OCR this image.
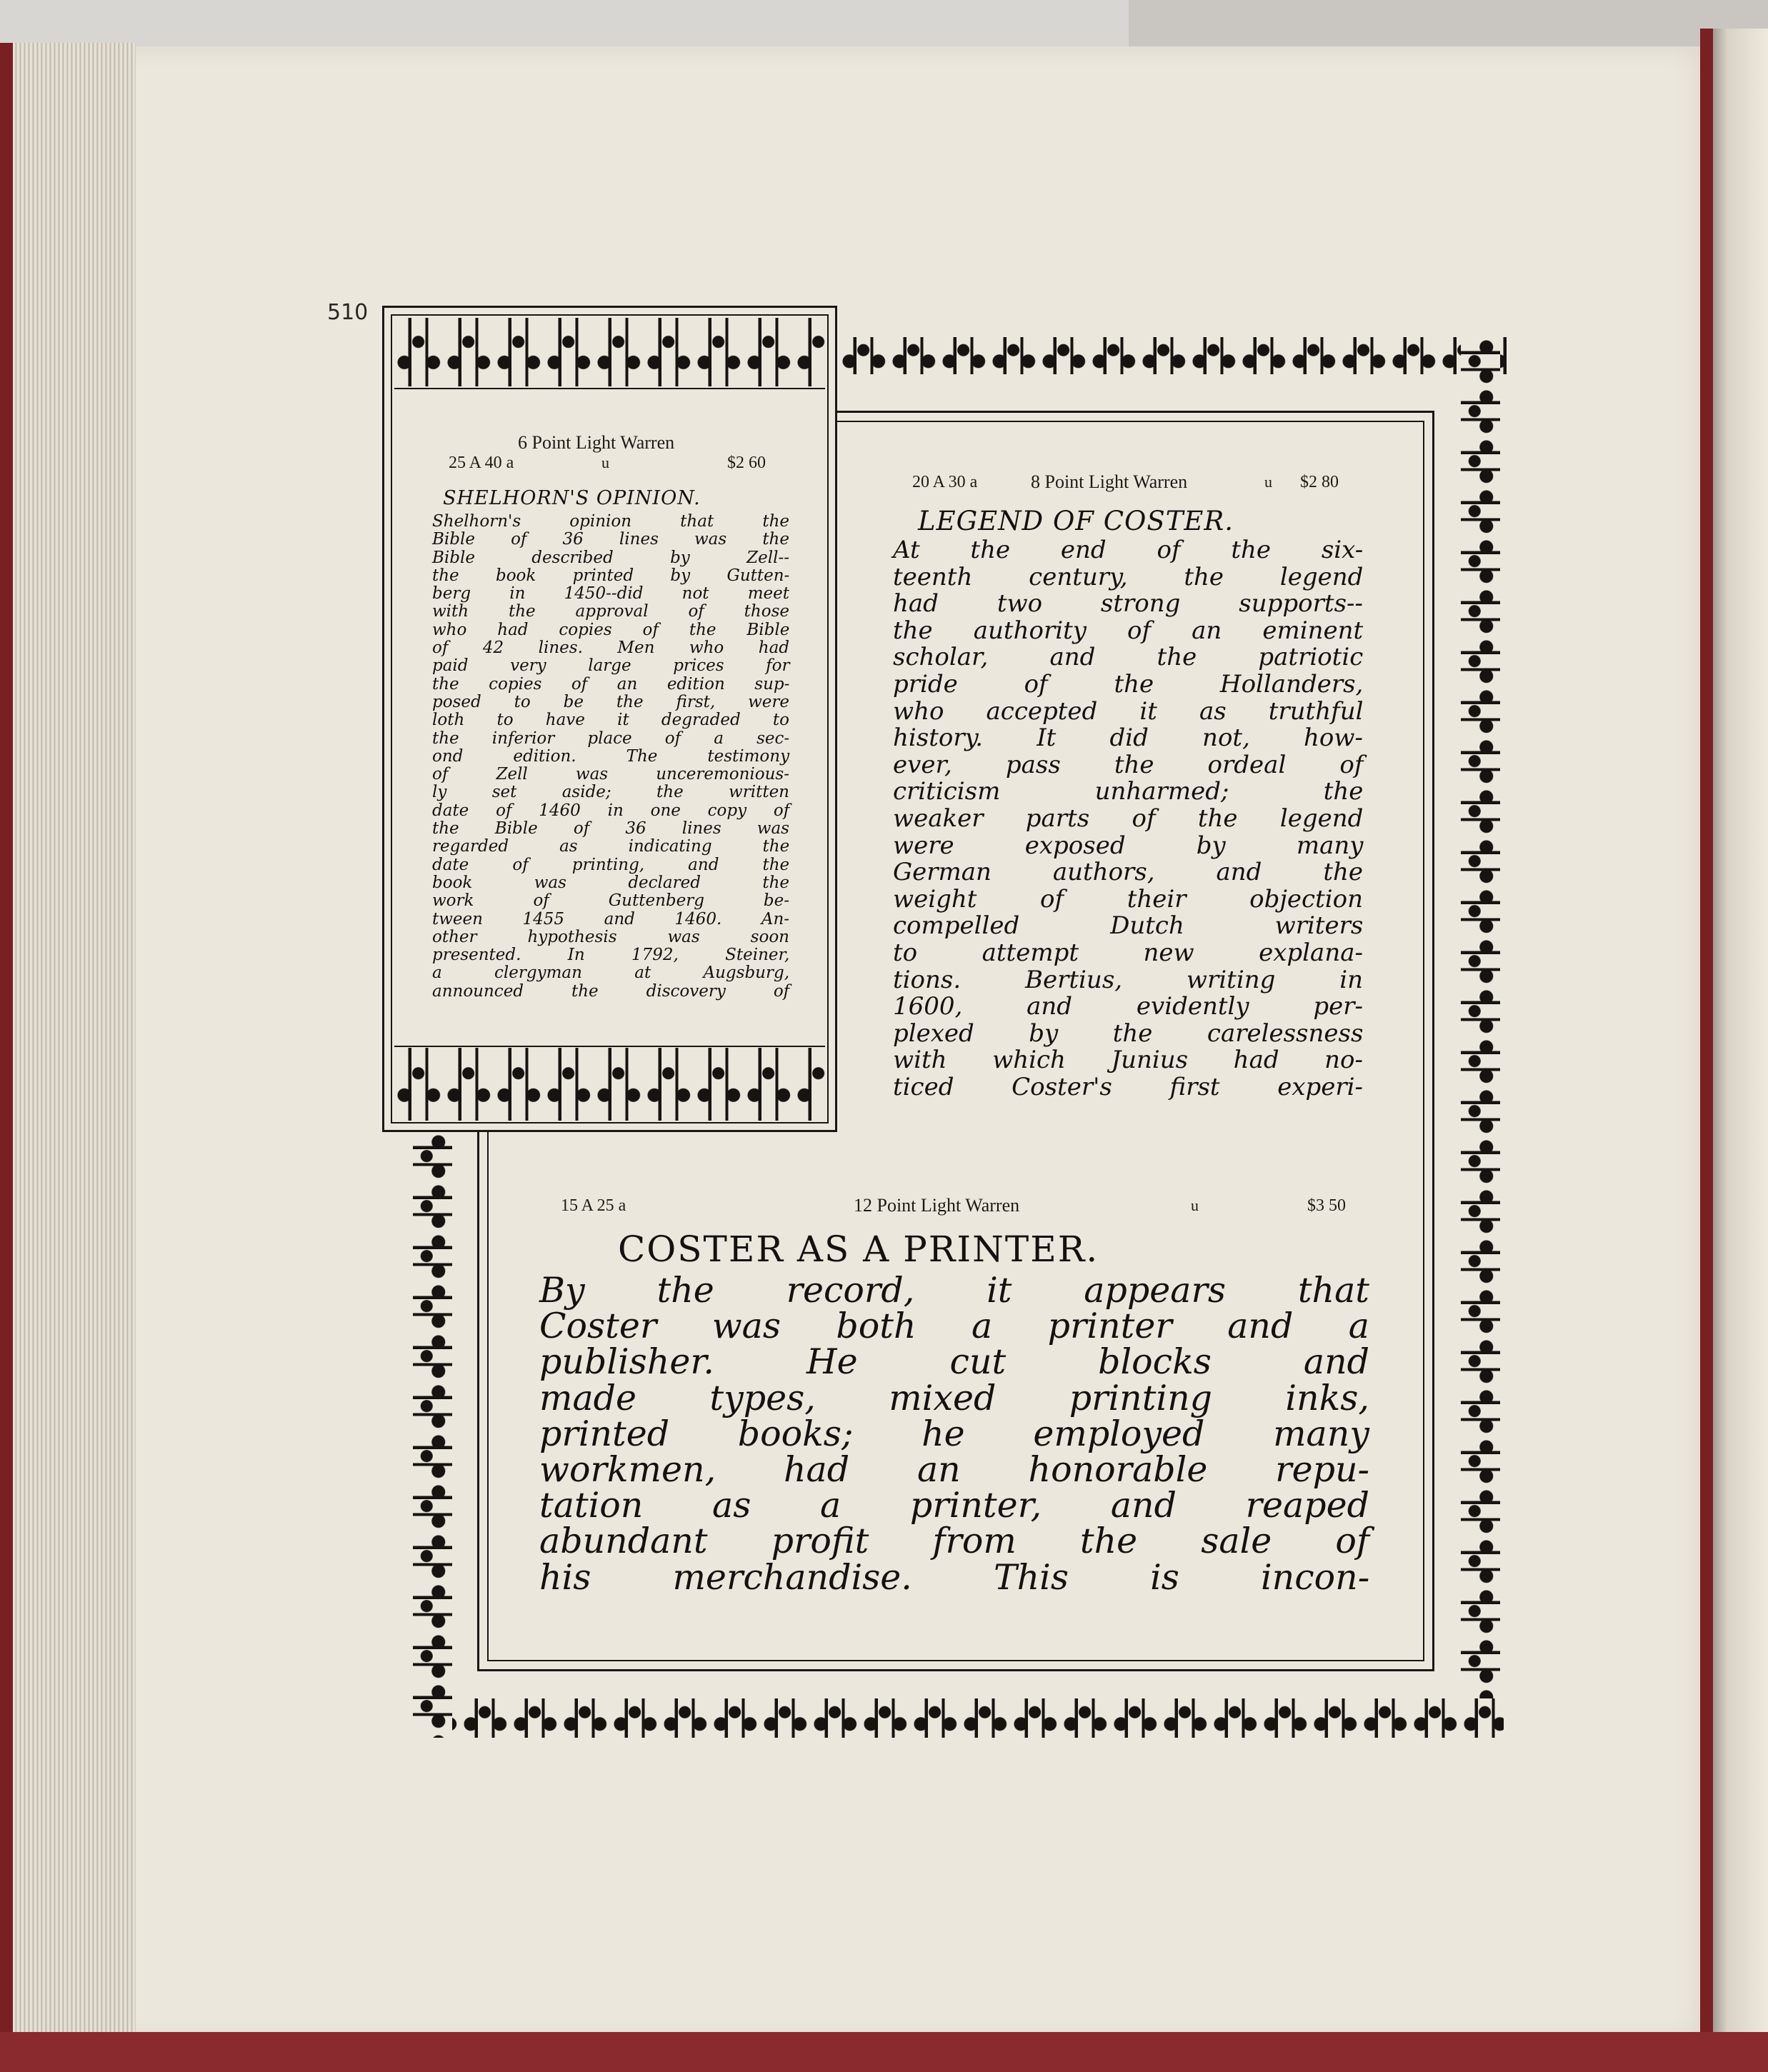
510
6 Point Light Warren
25 A 40 a	u	$2 60
SHELHORN'S OPINION.
Shelhorn's opinion that the
Bible of 36 lines was the
Bible described by Zell--
the book printed by Gutten-
berg in 1450--did not meet
with the approval of those
who had copies of the Bible
of 42 lines. Men who had
paid very large prices for
the copies of an edition sup-
posed to be the first, were
loth to have it degraded to
the inferior place of a sec-
ond edition. The testimony
of Zell was unceremonious-
ly set aside; the written
date of 1460 in one copy of
the Bible of 36 lines was
regarded as indicating the
date of printing, and the
book was declared the
work of Guttenberg be-
tween 1455 and 1460. An-
other hypothesis was soon
presented. In 1792, Steiner,
a clergyman at Augsburg,
announced the discovery of
20 A 30 a	8 Point Light Warren	u $2 80
LEGEND OF COSTER.
At the end of the six-
teenth century, the legend
had two strong supports--
the authority of an eminent
scholar, and the patriotic
pride of the Hollanders,
who accepted it as truthful
history. It did not, how-
ever, pass the ordeal of
criticism unharmed; the
weaker parts of the legend
were exposed by many
German authors, and the
weight of their objection
compelled Dutch writers
to attempt new explana-
tions. Bertius, writing in
1600, and evidently per-
plexed by the carelessness
with which Junius had no-
ticed Coster's first experi-
15 A 25 a	12 Point Light Warren	u	$3 50
COSTER AS A PRINTER.
By the record, it appears that
Coster was both a printer and a
publisher. He cut blocks and
made types, mixed printing inks,
printed books; he employed many
workmen, had an honorable repu-
tation as a printer, and reaped
abundant profit from the sale of
his merchandise. This is incon-
